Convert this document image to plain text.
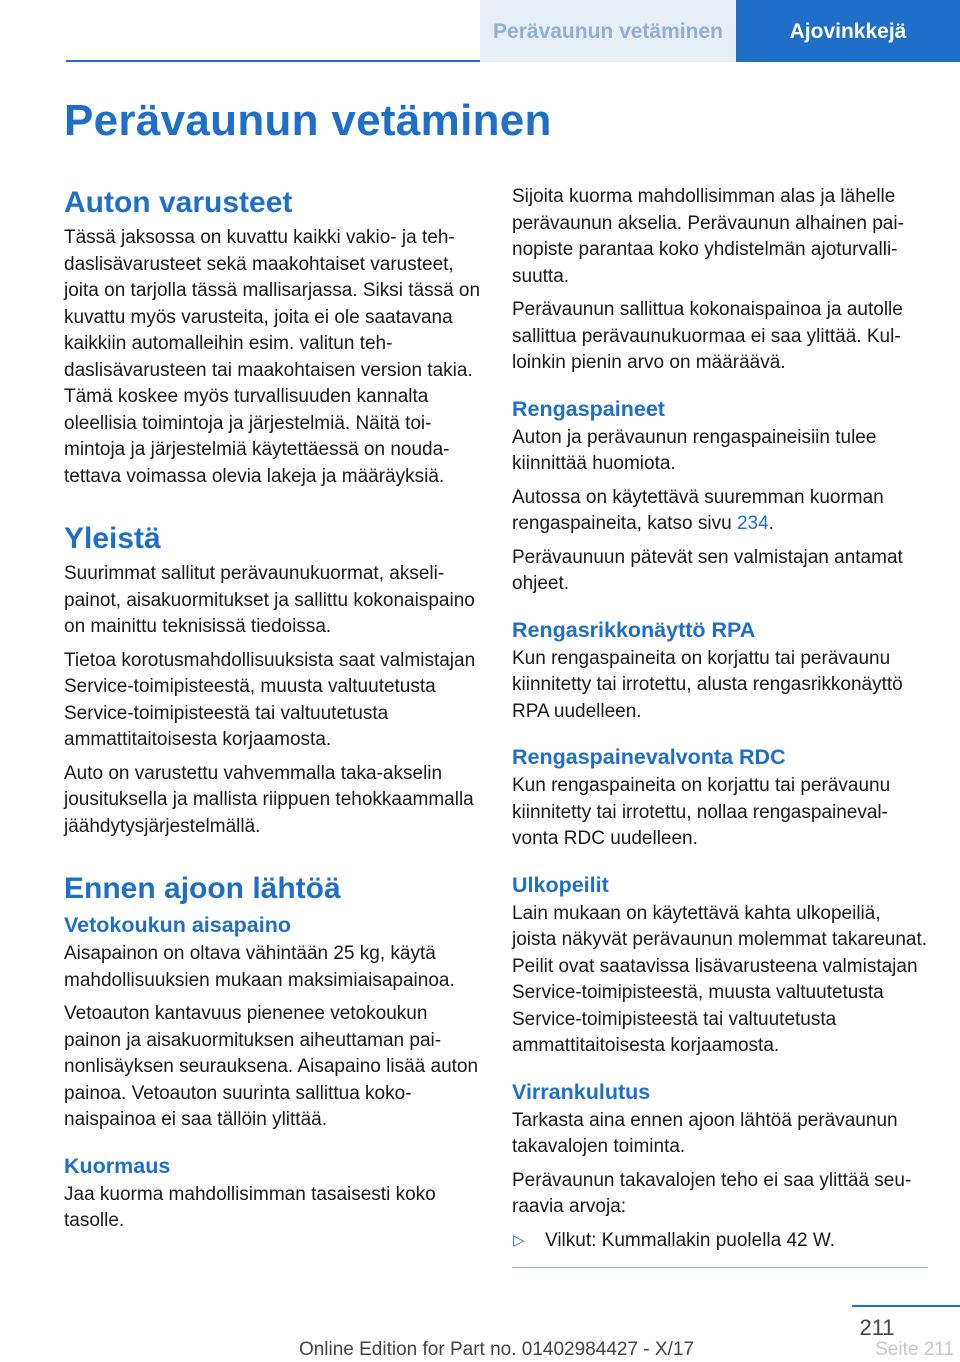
Perävaunun vetäminen	Ajovinkkejä
Perävaunun vetäminen
Auton varusteet

Tässä jaksossa on kuvattu kaikki vakio- ja tehdaslisävarusteet sekä maakohtaiset varusteet, joita on tarjolla tässä mallisarjassa. Siksi tässä on kuvattu myös varusteita, joita ei ole saatavana kaikkiin automalleihin esim. valitun tehdaslisävarusteen tai maakohtaisen version takia. Tämä koskee myös turvallisuuden kannalta oleellisia toimintoja ja järjestelmiä. Näitä toimintoja ja järjestelmiä käytettäessä on noudatettava voimassa olevia lakeja ja määräyksiä.

Yleistä

Suurimmat sallitut perävaunukuormat, akselipainot, aisakuormitukset ja sallittu kokonaispaino on mainittu teknisissä tiedoissa.

Tietoa korotusmahdollisuuksista saat valmistajan Service-toimipisteestä, muusta valtuutetusta Service-toimipisteestä tai valtuutetusta ammattitaitoisesta korjaamosta.

Auto on varustettu vahvemmalla taka-akselin jousituksella ja mallista riippuen tehokkaammalla jäähdytysjärjestelmällä.

Ennen ajoon lähtöä
Vetokoukun aisapaino

Aisapainon on oltava vähintään 25 kg, käytä mahdollisuuksien mukaan maksimiaisapainoa.

Vetoauton kantavuus pienenee vetokoukun painon ja aisakuormituksen aiheuttaman painonlisäyksen seurauksena. Aisapaino lisää auton painoa. Vetoauton suurinta sallittua kokonaispainoa ei saa tällöin ylittää.

Kuormaus

Jaa kuorma mahdollisimman tasaisesti koko tasolle.

Sijoita kuorma mahdollisimman alas ja lähelle perävaunun akselia. Perävaunun alhainen painopiste parantaa koko yhdistelmän ajoturvallisuutta.

Perävaunun sallittua kokonaispainoa ja autolle sallittua perävaunukuormaa ei saa ylittää. Kulloinkin pienin arvo on määräävä.

Rengaspaineet

Auton ja perävaunun rengaspaineisiin tulee kiinnittää huomiota.

Autossa on käytettävä suuremman kuorman rengaspaineita, katso sivu 234.

Perävaunuun pätevät sen valmistajan antamat ohjeet.

Rengasrikkonäyttö RPA

Kun rengaspaineita on korjattu tai perävaunu kiinnitetty tai irrotettu, alusta rengasrikkonäyttö RPA uudelleen.

Rengaspainevalvonta RDC

Kun rengaspaineita on korjattu tai perävaunu kiinnitetty tai irrotettu, nollaa rengaspainevalvonta RDC uudelleen.

Ulkopeilit

Lain mukaan on käytettävä kahta ulkopeiliä, joista näkyvät perävaunun molemmat takareunat. Peilit ovat saatavissa lisävarusteena valmistajan Service-toimipisteestä, muusta valtuutetusta Service-toimipisteestä tai valtuutetusta ammattitaitoisesta korjaamosta.

Virrankulutus

Tarkasta aina ennen ajoon lähtöä perävaunun takavalojen toiminta.

Perävaunun takavalojen teho ei saa ylittää seuraavia arvoja:

▷	Vilkut: Kummallakin puolella 42 W.
211
Online Edition for Part no. 01402984427 - X/17	Seite 211
